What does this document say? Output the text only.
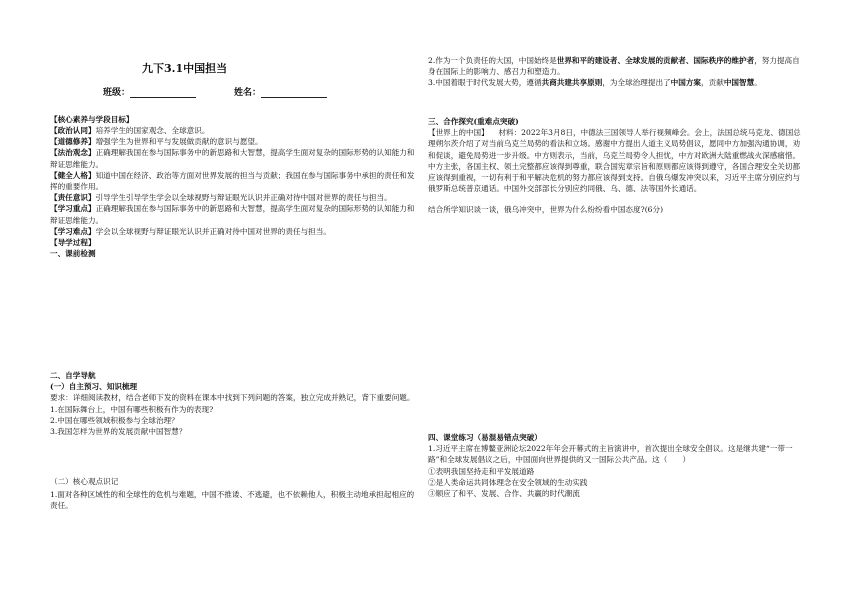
九下3.1中国担当
班级：	姓名：

【核心素养与学段目标】

【政治认同】培养学生的国家观念、全球意识。

【道德修养】增强学生为世界和平与发展做贡献的意识与愿望。

【法治观念】正确理解我国在参与国际事务中的新思路和大智慧，提高学生面对复杂的国际形势的认知能力和辩证思维能力。

【健全人格】知道中国在经济、政治等方面对世界发展的担当与贡献；我国在参与国际事务中承担的责任和发挥的重要作用。

【责任意识】引导学生引导学生学会以全球视野与辩证眼光认识并正确对待中国对世界的责任与担当。

【学习重点】正确理解我国在参与国际事务中的新思路和大智慧，提高学生面对复杂的国际形势的认知能力和辩证思维能力。

【学习难点】学会以全球视野与辩证眼光认识并正确对待中国对世界的责任与担当。

【导学过程】

一、课前检测

二、自学导航

(一）自主预习、知识梳理

要求：详细阅读教材，结合老师下发的资料在课本中找到下列问题的答案，独立完成并熟记，背下重要问题。

1.在国际舞台上，中国有哪些积极有作为的表现?

2.中国在哪些领域积极参与全球治理？

3.我国怎样为世界的发展贡献中国智慧？

（二）核心观点识记

1.面对各种区域性的和全球性的危机与难题，中国不推诿、不逃避，也不依赖他人，积极主动地承担起相应的责任。

2.作为一个负责任的大国，中国始终是世界和平的建设者、全球发展的贡献者、国际秩序的维护者，努力提高自身在国际上的影响力、感召力和塑造力。

3.中国着眼于时代发展大势，遵循共商共建共享原则，为全球治理提出了中国方案，贡献中国智慧。

三、合作探究(重难点突破)

【世界上的中国】 材料：2022年3月8日，中德法三国领导人举行视频峰会。会上，法国总统马克龙、德国总理朔尔茨介绍了对当前乌克兰局势的看法和立场。感谢中方提出人道主义局势倡议，愿同中方加强沟通协调，劝和促谈，避免局势进一步升级。中方则表示，当前，乌克兰局势令人担忧，中方对欧洲大陆重燃战火深感痛惜。中方主张，各国主权、领土完整都应该得到尊重，联合国宪章宗旨和原则都应该得到遵守，各国合理安全关切都应该得到重视，一切有利于和平解决危机的努力都应该得到支持。自俄乌爆发冲突以来，习近平主席分别应约与俄罗斯总统普京通话。中国外交部部长分别应约同俄、乌、德、法等国外长通话。

结合所学知识谈一谈，俄乌冲突中，世界为什么纷纷看中国态度?(6分)

四、课堂练习（易混易错点突破）

1.习近平主席在博鳌亚洲论坛2022年年会开幕式的主旨演讲中，首次提出全球安全倡议。这是继共建“一带一路”和全球发展倡议之后，中国面向世界提供的又一国际公共产品。这（　　）

①表明我国坚持走和平发展道路

②是人类命运共同体理念在安全领域的生动实践

③顺应了和平、发展、合作、共赢的时代潮流
